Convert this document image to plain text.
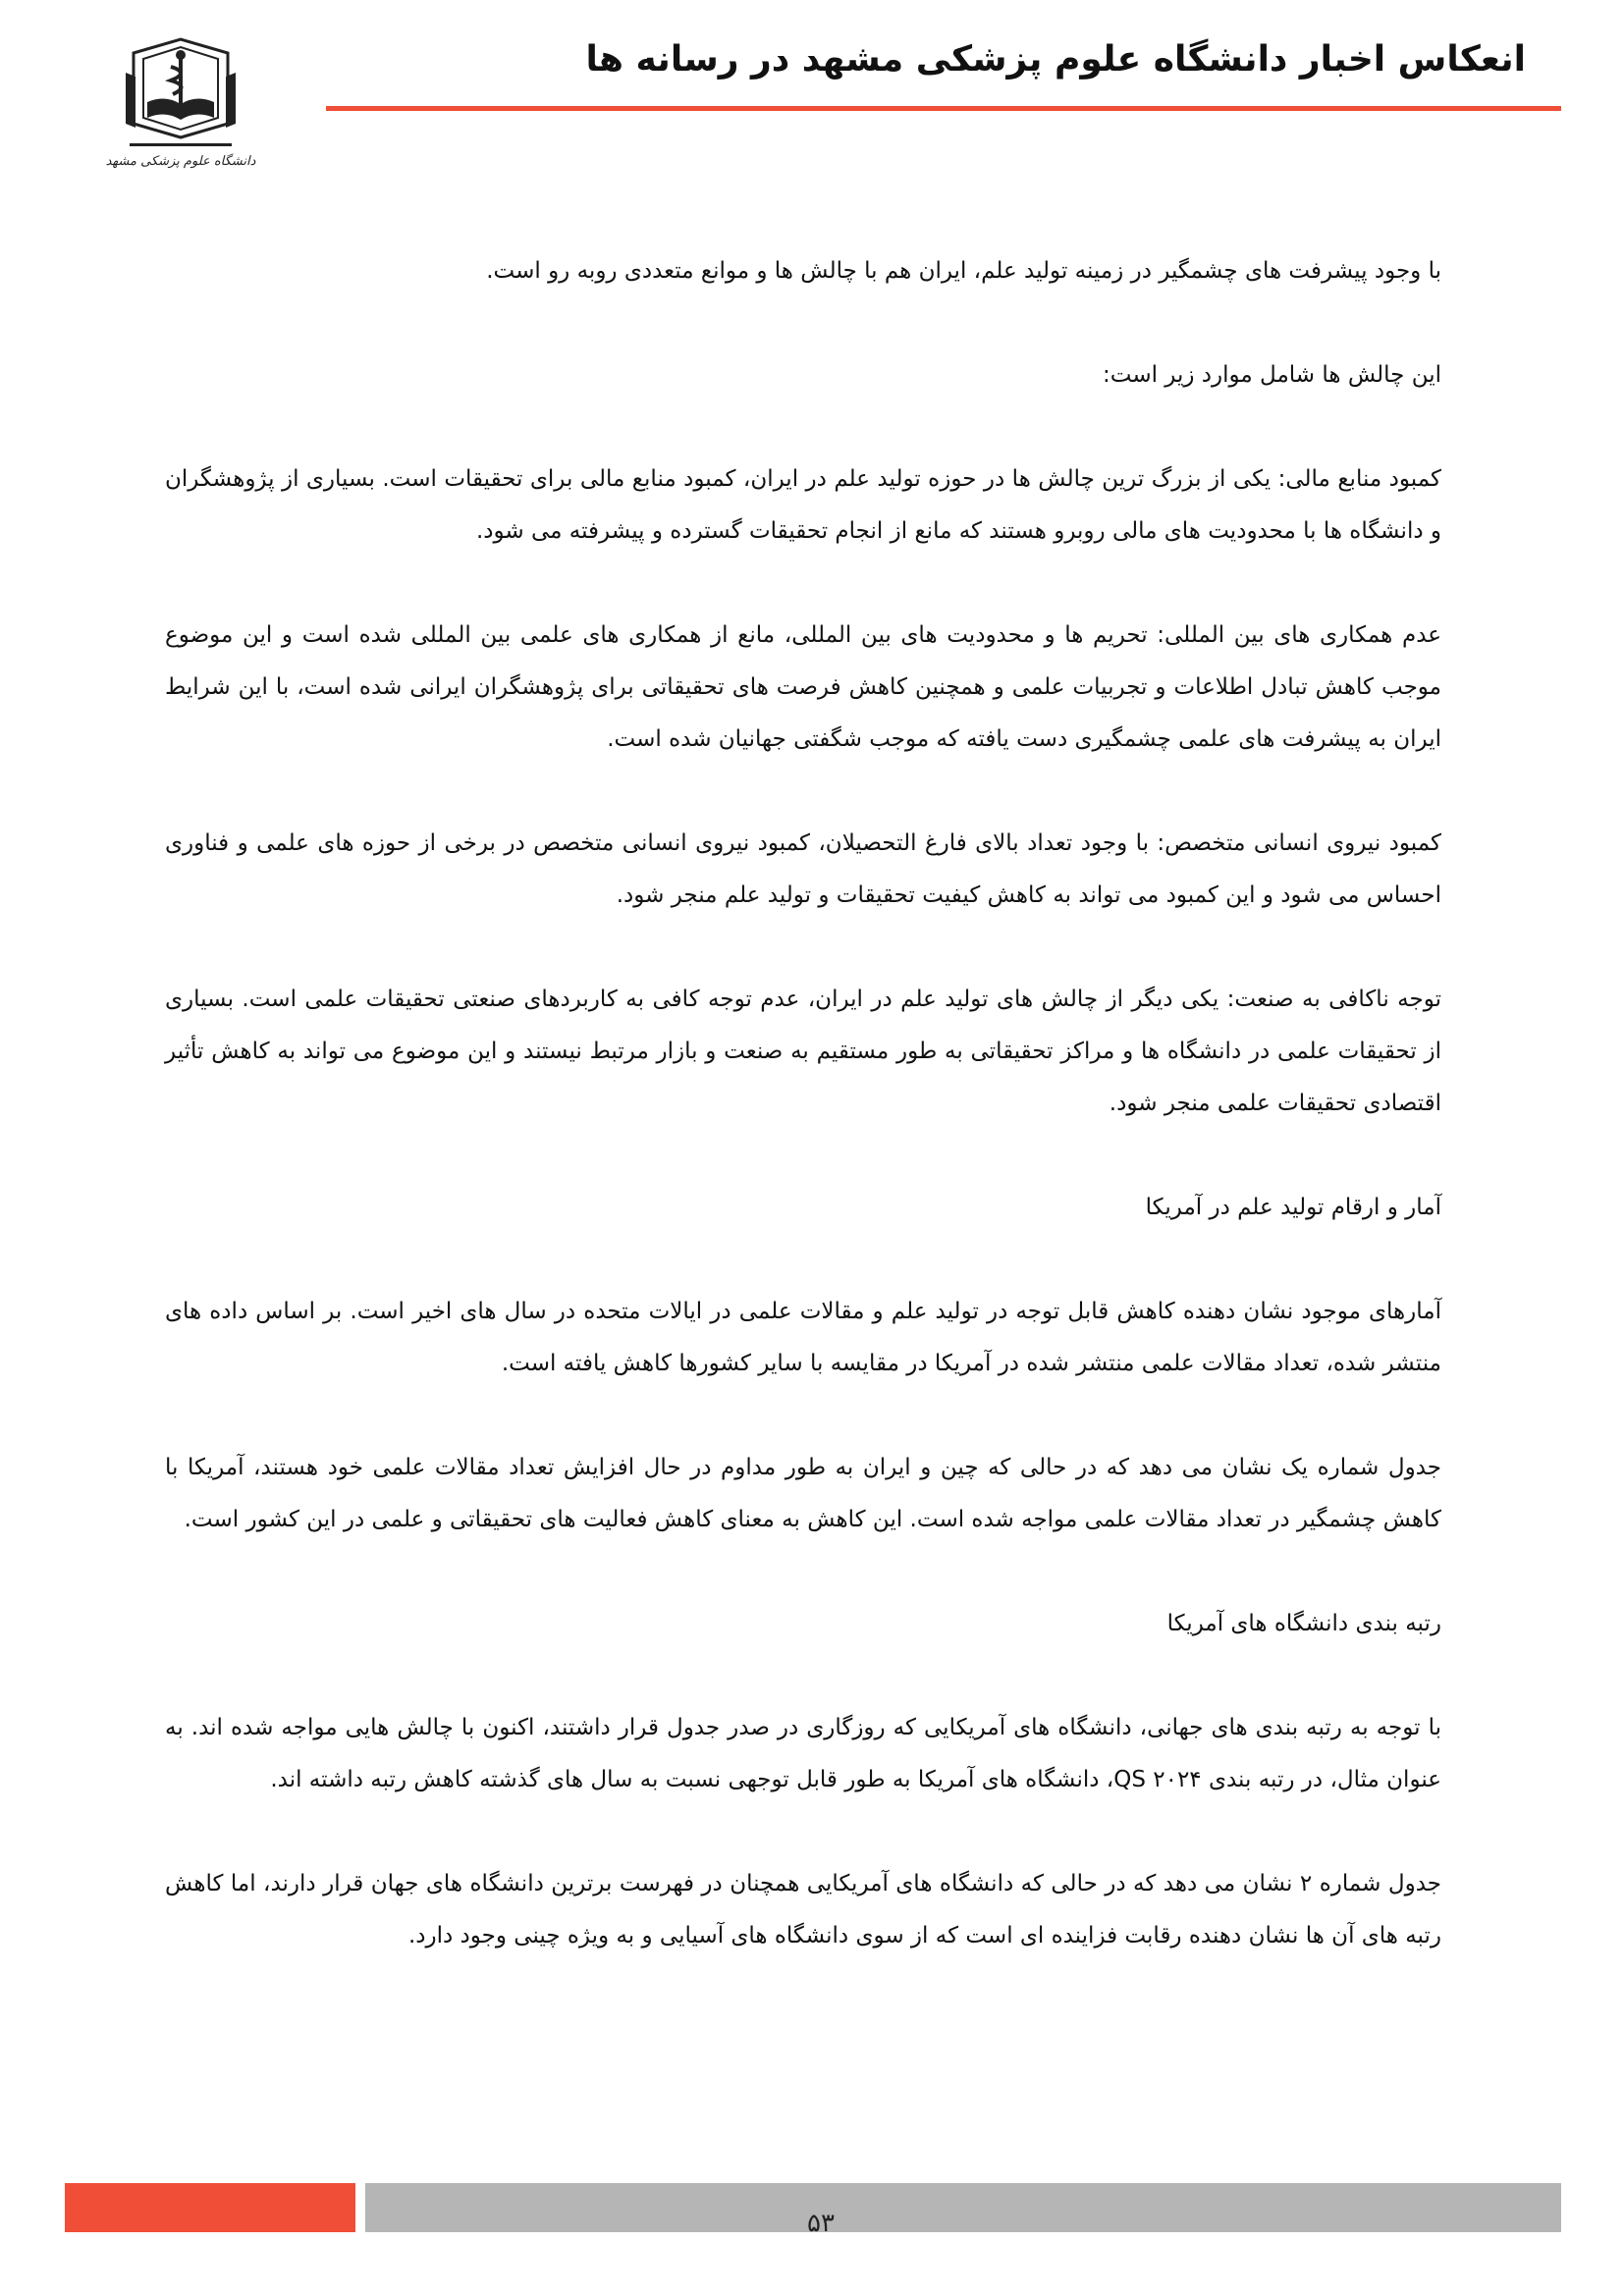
انعکاس اخبار دانشگاه علوم پزشکی مشهد در رسانه ها
دانشگاه علوم پزشکی مشهد

با وجود پیشرفت های چشمگیر در زمینه تولید علم، ایران هم با چالش ها و موانع متعددی روبه رو است.

این چالش ها شامل موارد زیر است:

کمبود منابع مالی: یکی از بزرگ ترین چالش ها در حوزه تولید علم در ایران، کمبود منابع مالی برای تحقیقات است. بسیاری از پژوهشگران و دانشگاه ها با محدودیت های مالی روبرو هستند که مانع از انجام تحقیقات گسترده و پیشرفته می شود.

عدم همکاری های بین المللی: تحریم ها و محدودیت های بین المللی، مانع از همکاری های علمی بین المللی شده است و این موضوع موجب کاهش تبادل اطلاعات و تجربیات علمی و همچنین کاهش فرصت های تحقیقاتی برای پژوهشگران ایرانی شده است، با این شرایط ایران به پیشرفت های علمی چشمگیری دست یافته که موجب شگفتی جهانیان شده است.

کمبود نیروی انسانی متخصص: با وجود تعداد بالای فارغ التحصیلان، کمبود نیروی انسانی متخصص در برخی از حوزه های علمی و فناوری احساس می شود و این کمبود می تواند به کاهش کیفیت تحقیقات و تولید علم منجر شود.

توجه ناکافی به صنعت: یکی دیگر از چالش های تولید علم در ایران، عدم توجه کافی به کاربردهای صنعتی تحقیقات علمی است. بسیاری از تحقیقات علمی در دانشگاه ها و مراکز تحقیقاتی به طور مستقیم به صنعت و بازار مرتبط نیستند و این موضوع می تواند به کاهش تأثیر اقتصادی تحقیقات علمی منجر شود.

آمار و ارقام تولید علم در آمریکا

آمارهای موجود نشان دهنده کاهش قابل توجه در تولید علم و مقالات علمی در ایالات متحده در سال های اخیر است. بر اساس داده های منتشر شده، تعداد مقالات علمی منتشر شده در آمریکا در مقایسه با سایر کشورها کاهش یافته است.

جدول شماره یک نشان می دهد که در حالی که چین و ایران به طور مداوم در حال افزایش تعداد مقالات علمی خود هستند، آمریکا با کاهش چشمگیر در تعداد مقالات علمی مواجه شده است. این کاهش به معنای کاهش فعالیت های تحقیقاتی و علمی در این کشور است.

رتبه بندی دانشگاه های آمریکا

با توجه به رتبه بندی های جهانی، دانشگاه های آمریکایی که روزگاری در صدر جدول قرار داشتند، اکنون با چالش هایی مواجه شده اند. به عنوان مثال، در رتبه بندی QS ۲۰۲۴، دانشگاه های آمریکا به طور قابل توجهی نسبت به سال های گذشته کاهش رتبه داشته اند.

جدول شماره ۲ نشان می دهد که در حالی که دانشگاه های آمریکایی همچنان در فهرست برترین دانشگاه های جهان قرار دارند، اما کاهش رتبه های آن ها نشان دهنده رقابت فزاینده ای است که از سوی دانشگاه های آسیایی و به ویژه چینی وجود دارد.

۵۳
